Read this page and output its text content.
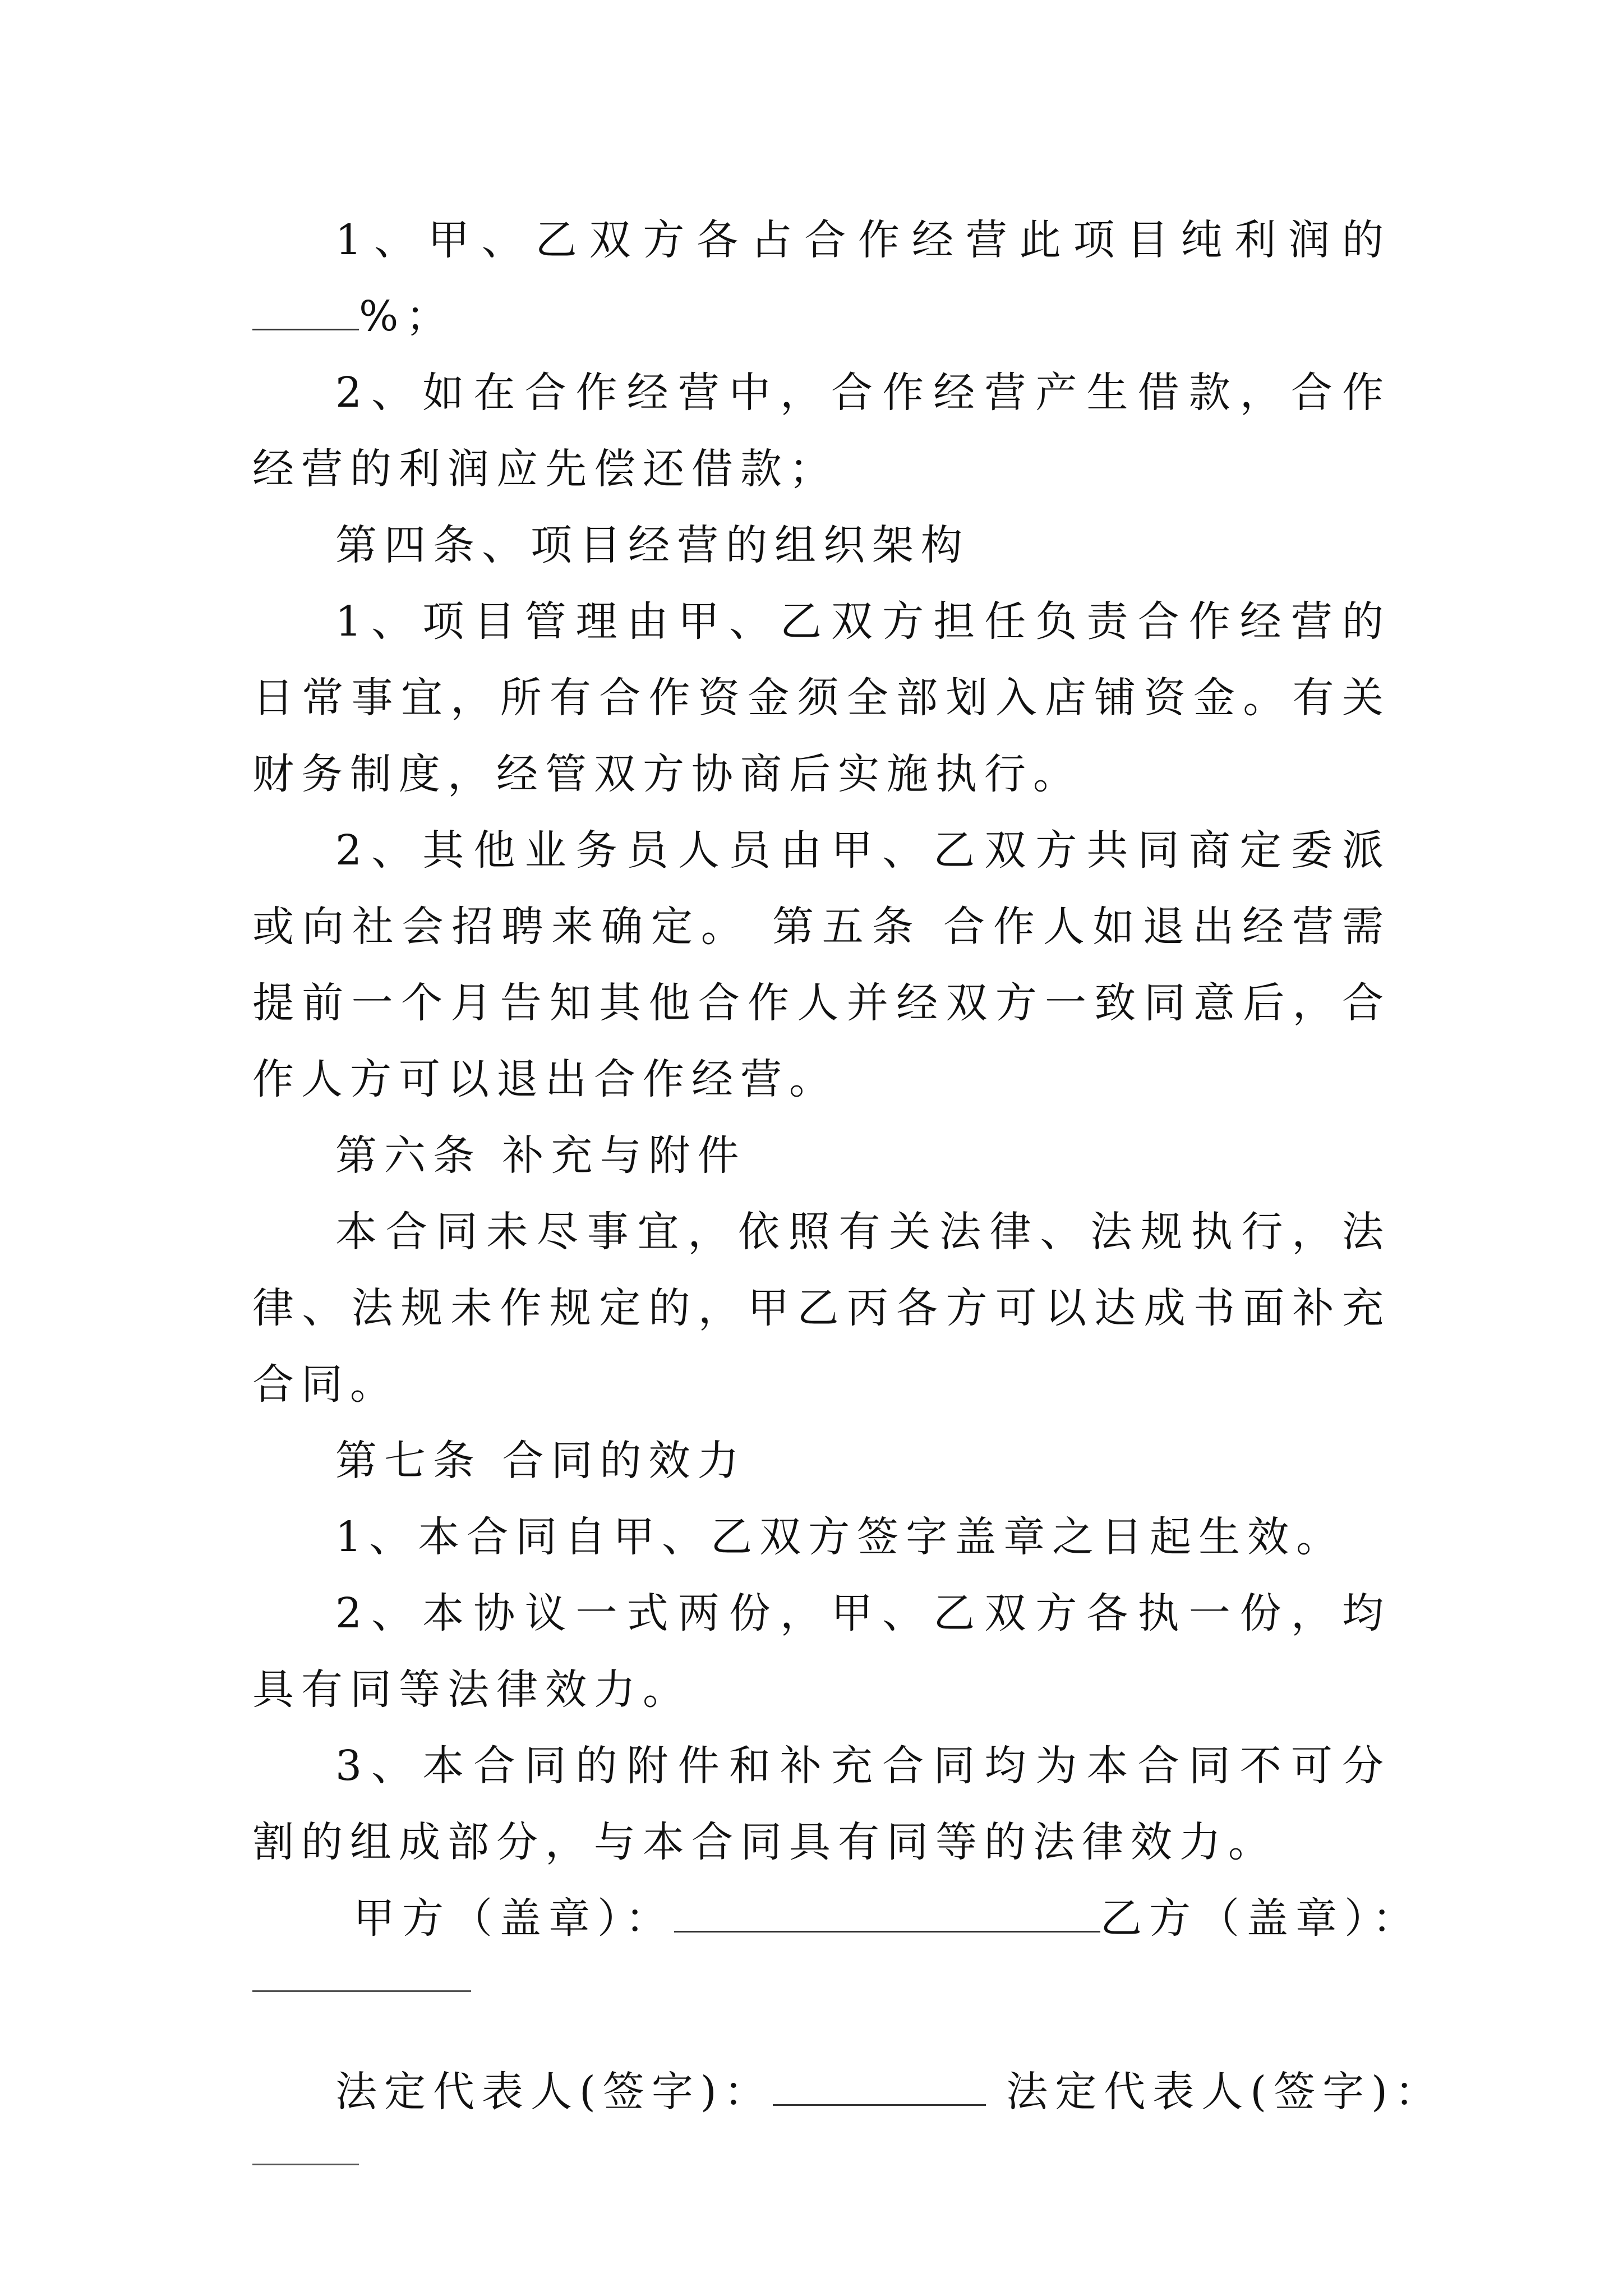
1、甲、乙双方各占合作经营此项目纯利润的%；

2、如在合作经营中，合作经营产生借款，合作经营的利润应先偿还借款；

第四条、项目经营的组织架构

1、项目管理由甲、乙双方担任负责合作经营的日常事宜，所有合作资金须全部划入店铺资金。有关财务制度，经管双方协商后实施执行。

2、其他业务员人员由甲、乙双方共同商定委派或向社会招聘来确定。 第五条 合作人如退出经营需提前一个月告知其他合作人并经双方一致同意后，合作人方可以退出合作经营。

第六条 补充与附件

本合同未尽事宜，依照有关法律、法规执行，法律、法规未作规定的，甲乙丙各方可以达成书面补充合同。

第七条 合同的效力

1、本合同自甲、乙双方签字盖章之日起生效。

2、本协议一式两份，甲、乙双方各执一份，均具有同等法律效力。

3、本合同的附件和补充合同均为本合同不可分割的组成部分，与本合同具有同等的法律效力。

甲方（盖章）：	乙方（盖章）：

法定代表人(签字)：	法定代表人(签字)：
